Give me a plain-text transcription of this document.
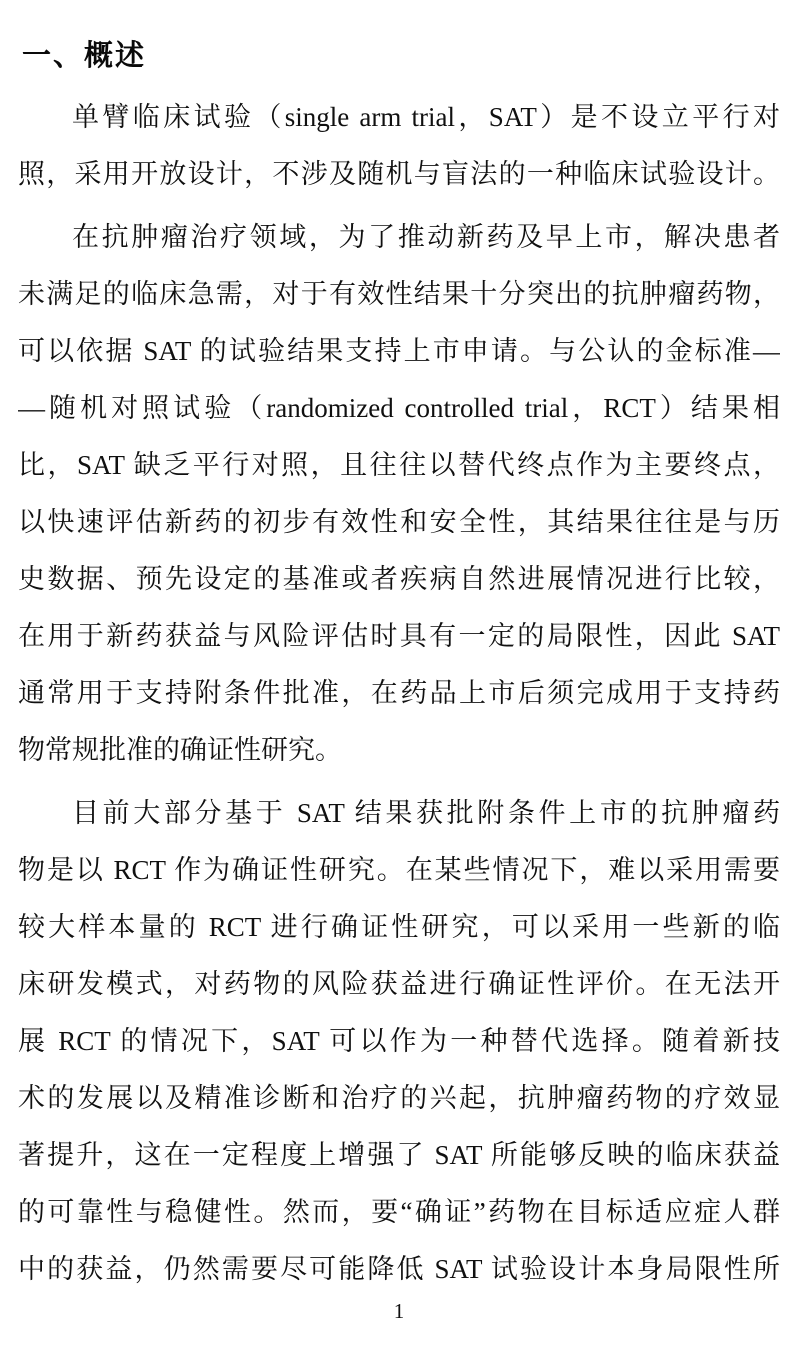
一、概述
单臂临床试验（single arm trial，SAT）是不设立平行对
照，采用开放设计，不涉及随机与盲法的一种临床试验设计。
在抗肿瘤治疗领域，为了推动新药及早上市，解决患者
未满足的临床急需，对于有效性结果十分突出的抗肿瘤药物，
可以依据 SAT 的试验结果支持上市申请。与公认的金标准—
—随机对照试验（randomized controlled trial，RCT）结果相
比，SAT 缺乏平行对照，且往往以替代终点作为主要终点，
以快速评估新药的初步有效性和安全性，其结果往往是与历
史数据、预先设定的基准或者疾病自然进展情况进行比较，
在用于新药获益与风险评估时具有一定的局限性，因此 SAT
通常用于支持附条件批准，在药品上市后须完成用于支持药
物常规批准的确证性研究。
目前大部分基于 SAT 结果获批附条件上市的抗肿瘤药
物是以 RCT 作为确证性研究。在某些情况下，难以采用需要
较大样本量的 RCT 进行确证性研究，可以采用一些新的临
床研发模式，对药物的风险获益进行确证性评价。在无法开
展 RCT 的情况下，SAT 可以作为一种替代选择。随着新技
术的发展以及精准诊断和治疗的兴起，抗肿瘤药物的疗效显
著提升，这在一定程度上增强了 SAT 所能够反映的临床获益
的可靠性与稳健性。然而，要“确证”药物在目标适应症人群
中的获益，仍然需要尽可能降低 SAT 试验设计本身局限性所
1
